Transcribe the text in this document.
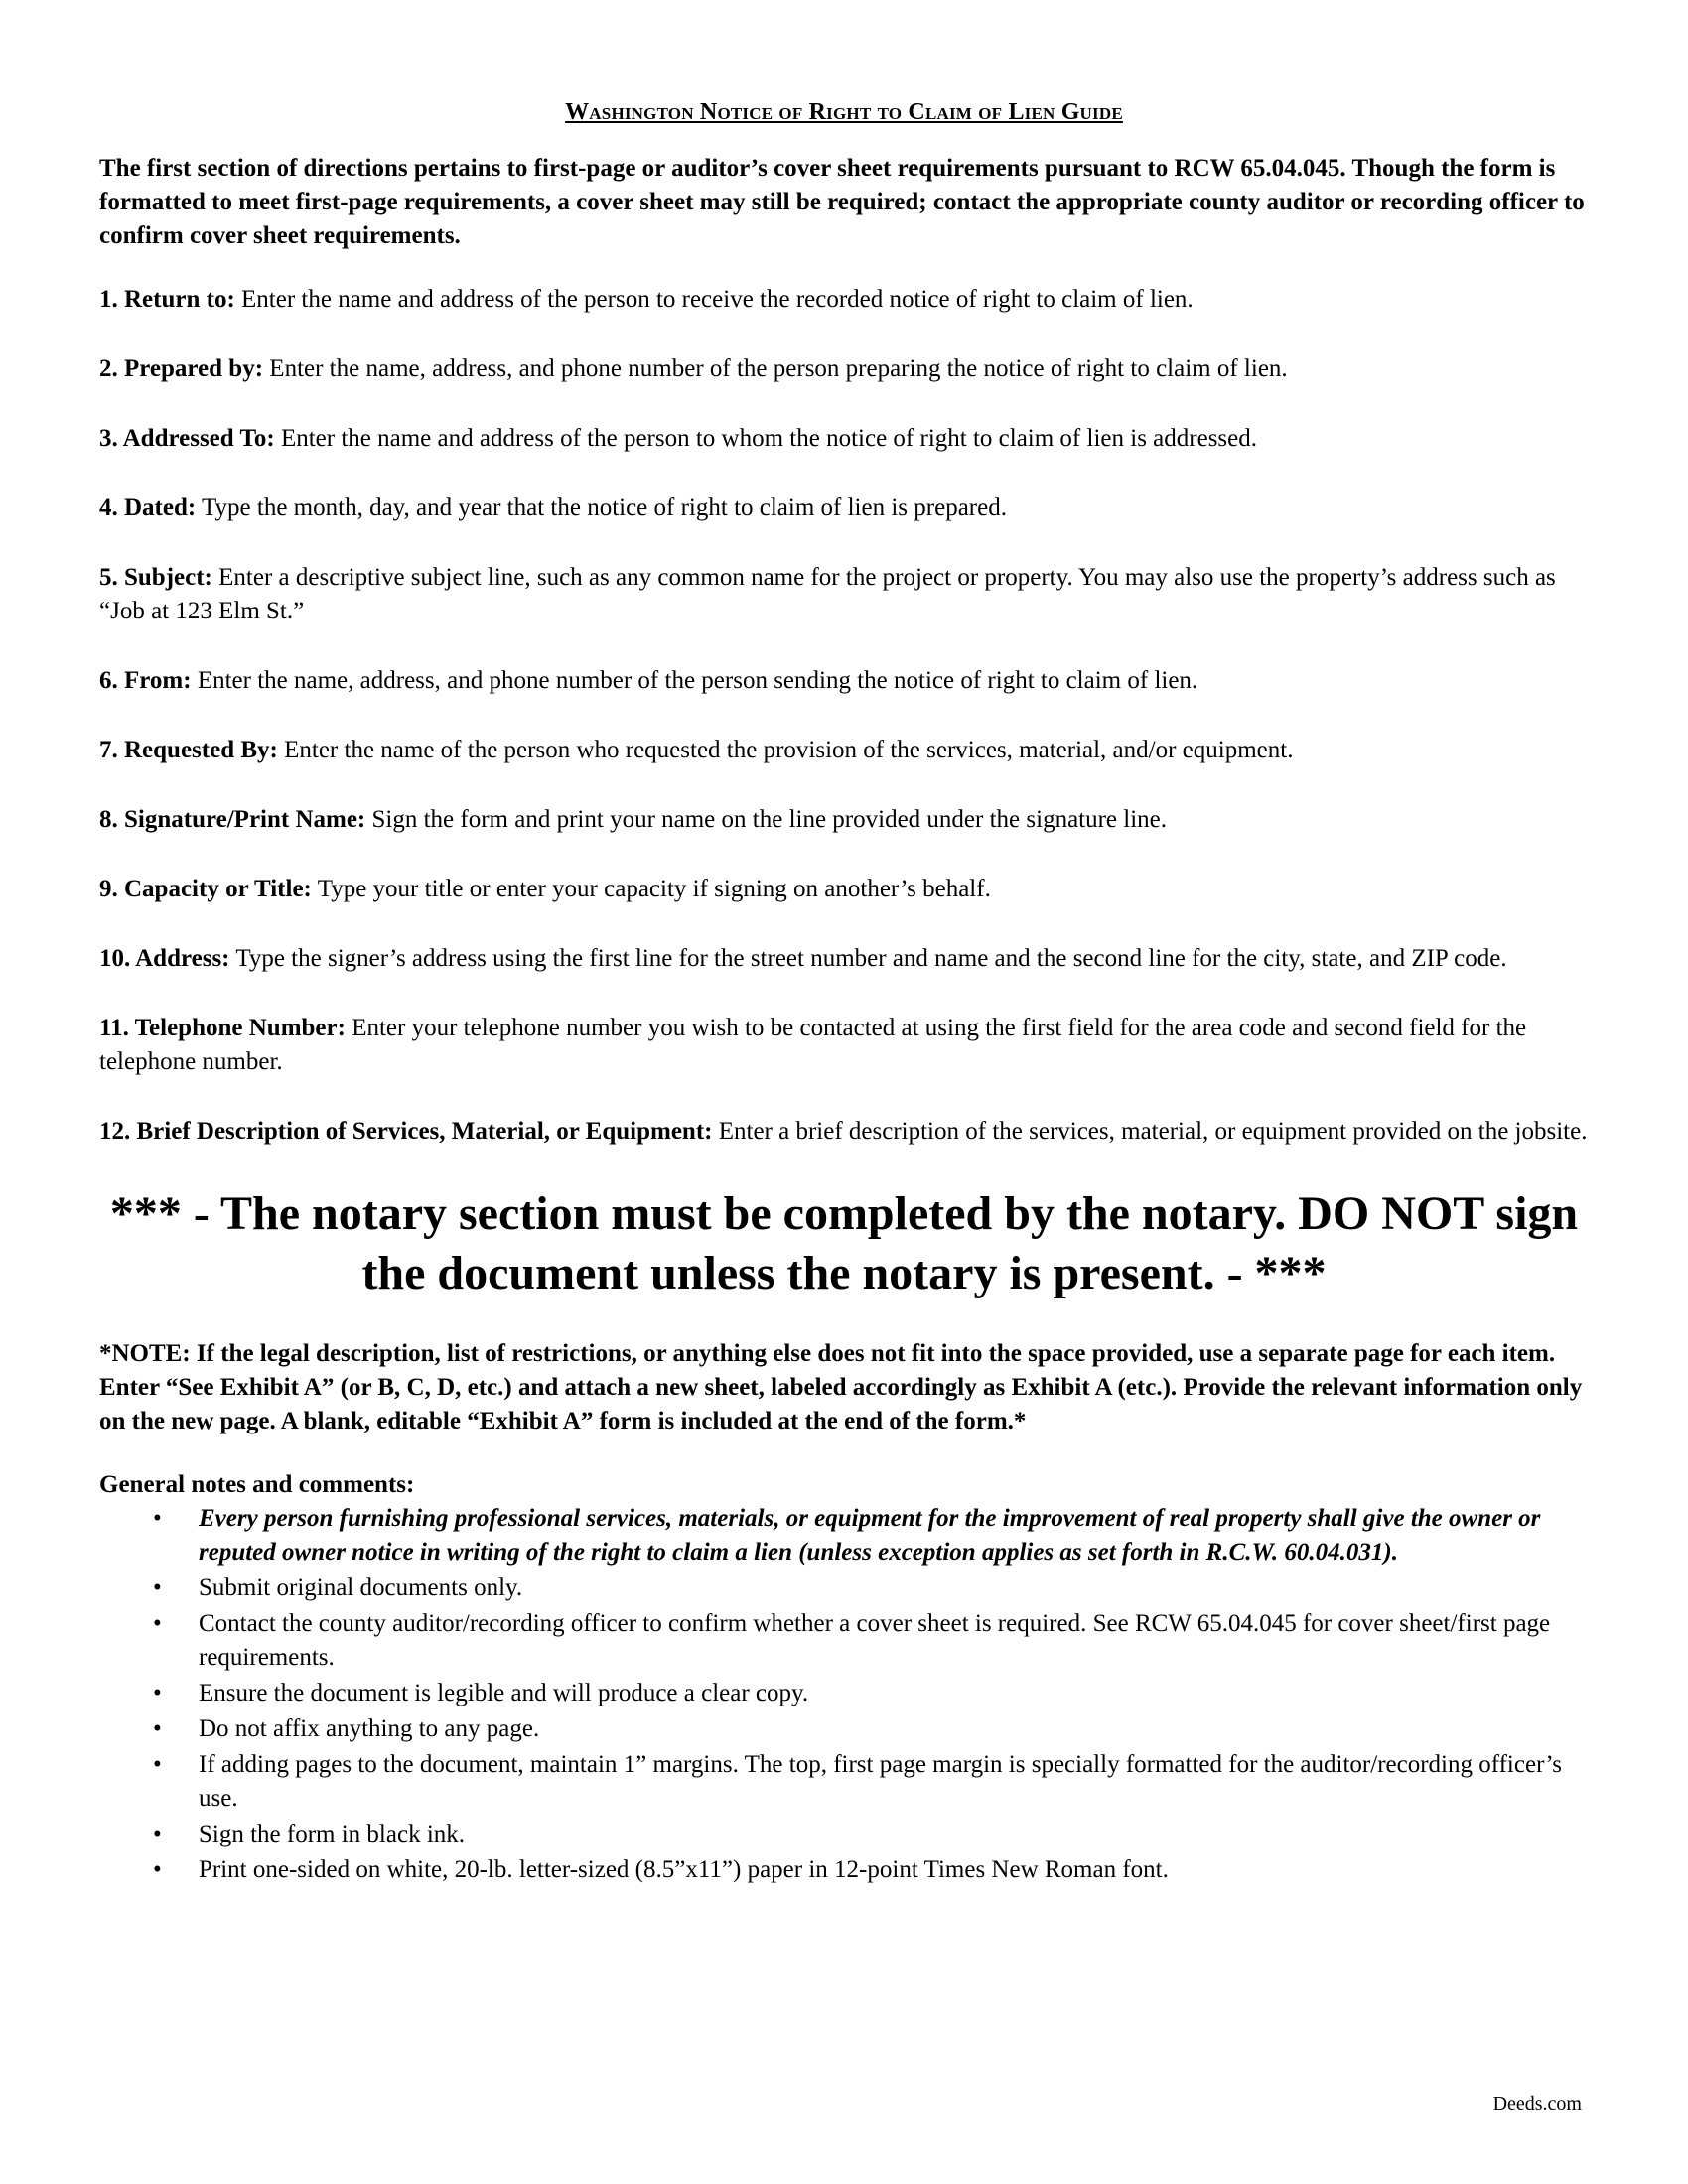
Washington Notice of Right to Claim of Lien Guide
The first section of directions pertains to first-page or auditor’s cover sheet requirements pursuant to RCW 65.04.045. Though the form is formatted to meet first-page requirements, a cover sheet may still be required; contact the appropriate county auditor or recording officer to confirm cover sheet requirements.
1. Return to: Enter the name and address of the person to receive the recorded notice of right to claim of lien.
2. Prepared by: Enter the name, address, and phone number of the person preparing the notice of right to claim of lien.
3. Addressed To: Enter the name and address of the person to whom the notice of right to claim of lien is addressed.
4. Dated: Type the month, day, and year that the notice of right to claim of lien is prepared.
5. Subject: Enter a descriptive subject line, such as any common name for the project or property. You may also use the property’s address such as “Job at 123 Elm St.”
6. From: Enter the name, address, and phone number of the person sending the notice of right to claim of lien.
7. Requested By: Enter the name of the person who requested the provision of the services, material, and/or equipment.
8. Signature/Print Name: Sign the form and print your name on the line provided under the signature line.
9. Capacity or Title: Type your title or enter your capacity if signing on another’s behalf.
10. Address: Type the signer’s address using the first line for the street number and name and the second line for the city, state, and ZIP code.
11. Telephone Number: Enter your telephone number you wish to be contacted at using the first field for the area code and second field for the telephone number.
12. Brief Description of Services, Material, or Equipment: Enter a brief description of the services, material, or equipment provided on the jobsite.
*** - The notary section must be completed by the notary. DO NOT sign the document unless the notary is present. - ***
*NOTE: If the legal description, list of restrictions, or anything else does not fit into the space provided, use a separate page for each item. Enter “See Exhibit A” (or B, C, D, etc.) and attach a new sheet, labeled accordingly as Exhibit A (etc.). Provide the relevant information only on the new page. A blank, editable “Exhibit A” form is included at the end of the form.*
General notes and comments:
• Every person furnishing professional services, materials, or equipment for the improvement of real property shall give the owner or reputed owner notice in writing of the right to claim a lien (unless exception applies as set forth in R.C.W. 60.04.031).
• Submit original documents only.
• Contact the county auditor/recording officer to confirm whether a cover sheet is required. See RCW 65.04.045 for cover sheet/first page requirements.
• Ensure the document is legible and will produce a clear copy.
• Do not affix anything to any page.
• If adding pages to the document, maintain 1” margins. The top, first page margin is specially formatted for the auditor/recording officer’s use.
• Sign the form in black ink.
• Print one-sided on white, 20-lb. letter-sized (8.5”x11”) paper in 12-point Times New Roman font.
Deeds.com
